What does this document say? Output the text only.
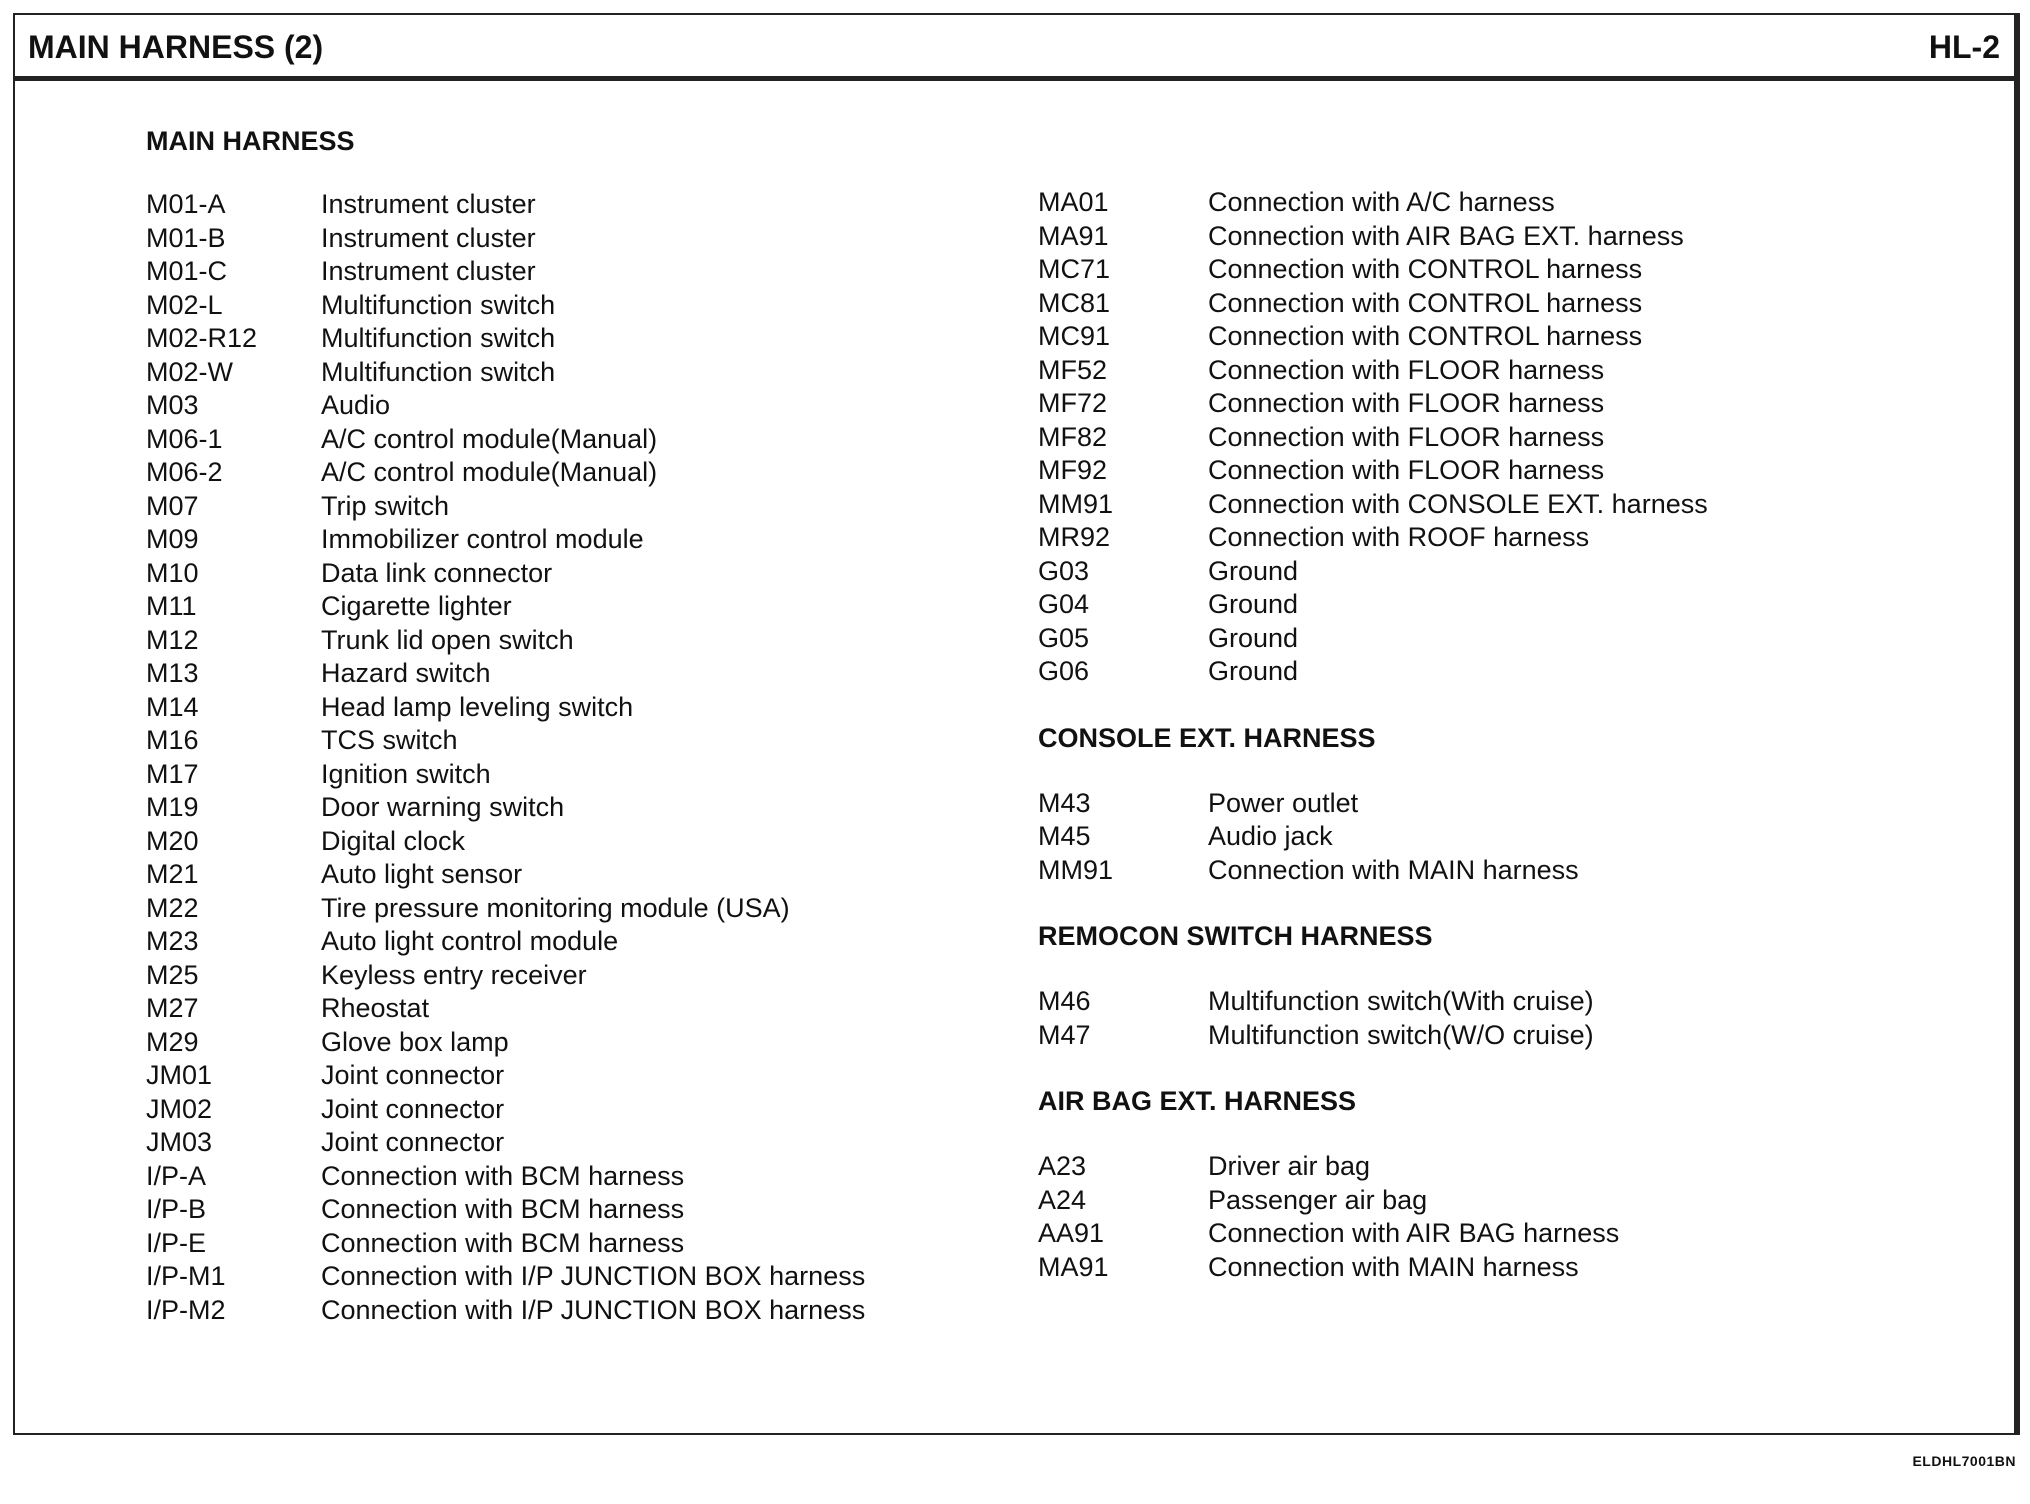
MAIN HARNESS (2)	HL-2
MAIN HARNESS
M01-A	Instrument cluster
M01-B	Instrument cluster
M01-C	Instrument cluster
M02-L	Multifunction switch
M02-R12	Multifunction switch
M02-W	Multifunction switch
M03	Audio
M06-1	A/C control module(Manual)
M06-2	A/C control module(Manual)
M07	Trip switch
M09	Immobilizer control module
M10	Data link connector
M11	Cigarette lighter
M12	Trunk lid open switch
M13	Hazard switch
M14	Head lamp leveling switch
M16	TCS switch
M17	Ignition switch
M19	Door warning switch
M20	Digital clock
M21	Auto light sensor
M22	Tire pressure monitoring module (USA)
M23	Auto light control module
M25	Keyless entry receiver
M27	Rheostat
M29	Glove box lamp
JM01	Joint connector
JM02	Joint connector
JM03	Joint connector
I/P-A	Connection with BCM harness
I/P-B	Connection with BCM harness
I/P-E	Connection with BCM harness
I/P-M1	Connection with I/P JUNCTION BOX harness
I/P-M2	Connection with I/P JUNCTION BOX harness
MA01	Connection with A/C harness
MA91	Connection with AIR BAG EXT. harness
MC71	Connection with CONTROL harness
MC81	Connection with CONTROL harness
MC91	Connection with CONTROL harness
MF52	Connection with FLOOR harness
MF72	Connection with FLOOR harness
MF82	Connection with FLOOR harness
MF92	Connection with FLOOR harness
MM91	Connection with CONSOLE EXT. harness
MR92	Connection with ROOF harness
G03	Ground
G04	Ground
G05	Ground
G06	Ground
CONSOLE EXT. HARNESS
M43	Power outlet
M45	Audio jack
MM91	Connection with MAIN harness
REMOCON SWITCH HARNESS
M46	Multifunction switch(With cruise)
M47	Multifunction switch(W/O cruise)
AIR BAG EXT. HARNESS
A23	Driver air bag
A24	Passenger air bag
AA91	Connection with AIR BAG harness
MA91	Connection with MAIN harness
ELDHL7001BN
